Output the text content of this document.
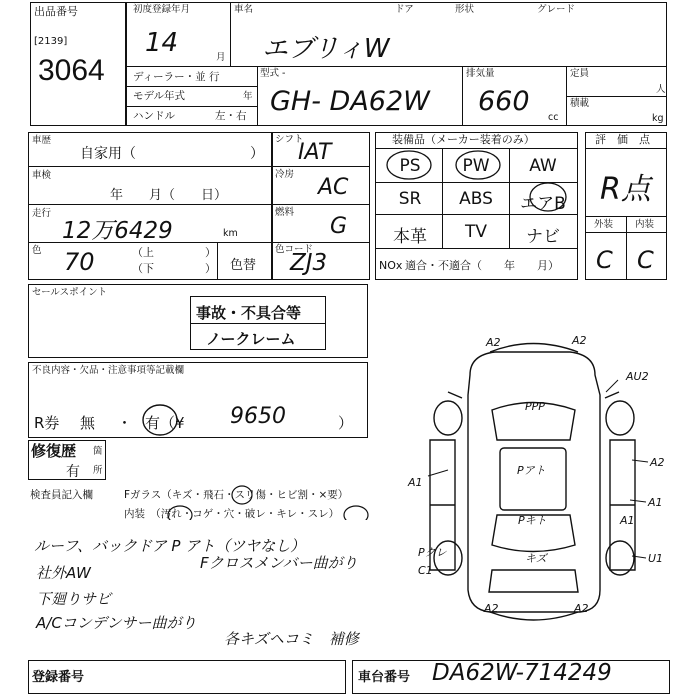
出品番号
[2139]
3064
初度登録年月
14	月
車名
エブリィW
ドア	形状	グレード
ディーラー・並 行
モデル年式	年
ハンドル	左・右
型式 -
GH- DA62W
排気量
660
cc
定員
人
積載
kg
車歴
自家用（	）
車検
年　　月（　　日）
走行
12万6429	km
色 70	（上
（下
）
） 色替
シフト
IAT
冷房
AC
燃料
G
色コード
ZJ3
装備品（メーカー装着のみ）
PS	PW	AW
SR	ABS	エアB
本革	TV	ナビ
NOx 適合・不適合（　　年　　月）
評　価　点
R点
外装 内装
C C
セールスポイント
事故・不具合等
ノークレーム
不良内容・欠品・注意事項等記載欄
R券 無 ・ 有（¥ 9650	）
修復歴
有
箇
所
検査員記入欄	Fガラス（キズ・飛石・スリ傷・ヒビ割・×要）
内装　（汚れ・コゲ・穴・破レ・キレ・スレ）
ルーフ、バックドア P アト（ツヤなし）
社外AW
下廻りサビ
A/Cコンデンサー曲がり
Fクロスメンバー曲がり
各キズヘコミ　補修
A2	A2
AU2
A1
A2
A1
A1
PPP
Pアト
Pキト
U1
キズ
Pクレ
C1
A2	A2
登録番号	車台番号 DA62W-714249
